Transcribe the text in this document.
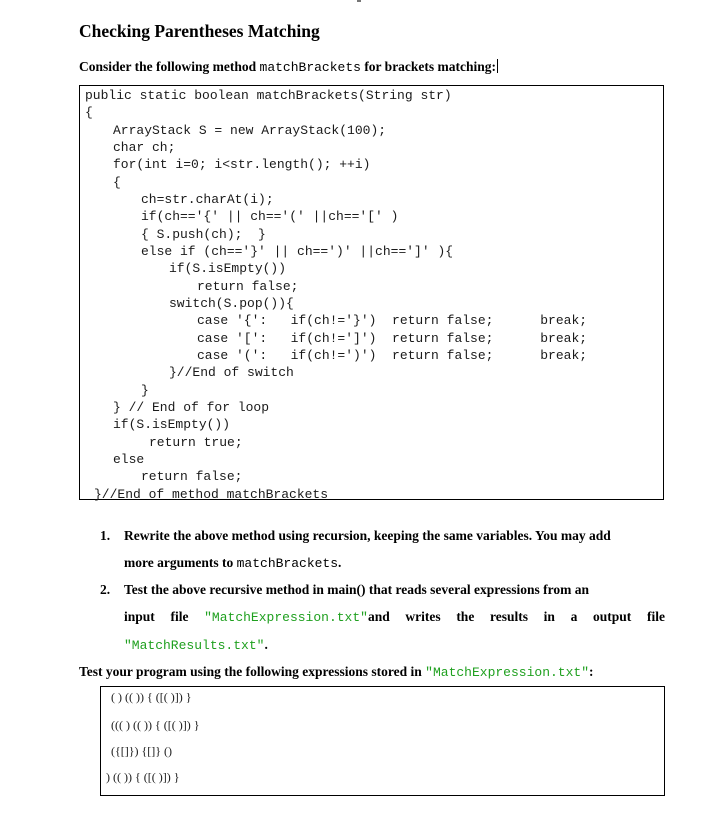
Checking Parentheses Matching
Consider the following method matchBrackets for brackets matching:
public static boolean matchBrackets(String str)
{
ArrayStack S = new ArrayStack(100);
char ch;
for(int i=0; i<str.length(); ++i)
{
ch=str.charAt(i);
if(ch=='{' || ch=='(' ||ch=='[' )
{ S.push(ch);  }
else if (ch=='}' || ch==')' ||ch==']' ){
if(S.isEmpty())
return false;
switch(S.pop()){
case '{':   if(ch!='}')  return false;      break;
case '[':   if(ch!=']')  return false;      break;
case '(':   if(ch!=')')  return false;      break;
}//End of switch
}
} // End of for loop
if(S.isEmpty())
return true;
else
return false;
}//End of method matchBrackets
1. Rewrite the above method using recursion, keeping the same variables. You may add
more arguments to matchBrackets.
2. Test the above recursive method in main() that reads several expressions from an
input file "MatchExpression.txt"and writes the results in a output file
"MatchResults.txt".
Test your program using the following expressions stored in "MatchExpression.txt":
( ) (( )) { ([( )]) }
((( ) (( )) { ([( )]) }
({[]}) {[]} ()
) (( )) { ([( )]) }
